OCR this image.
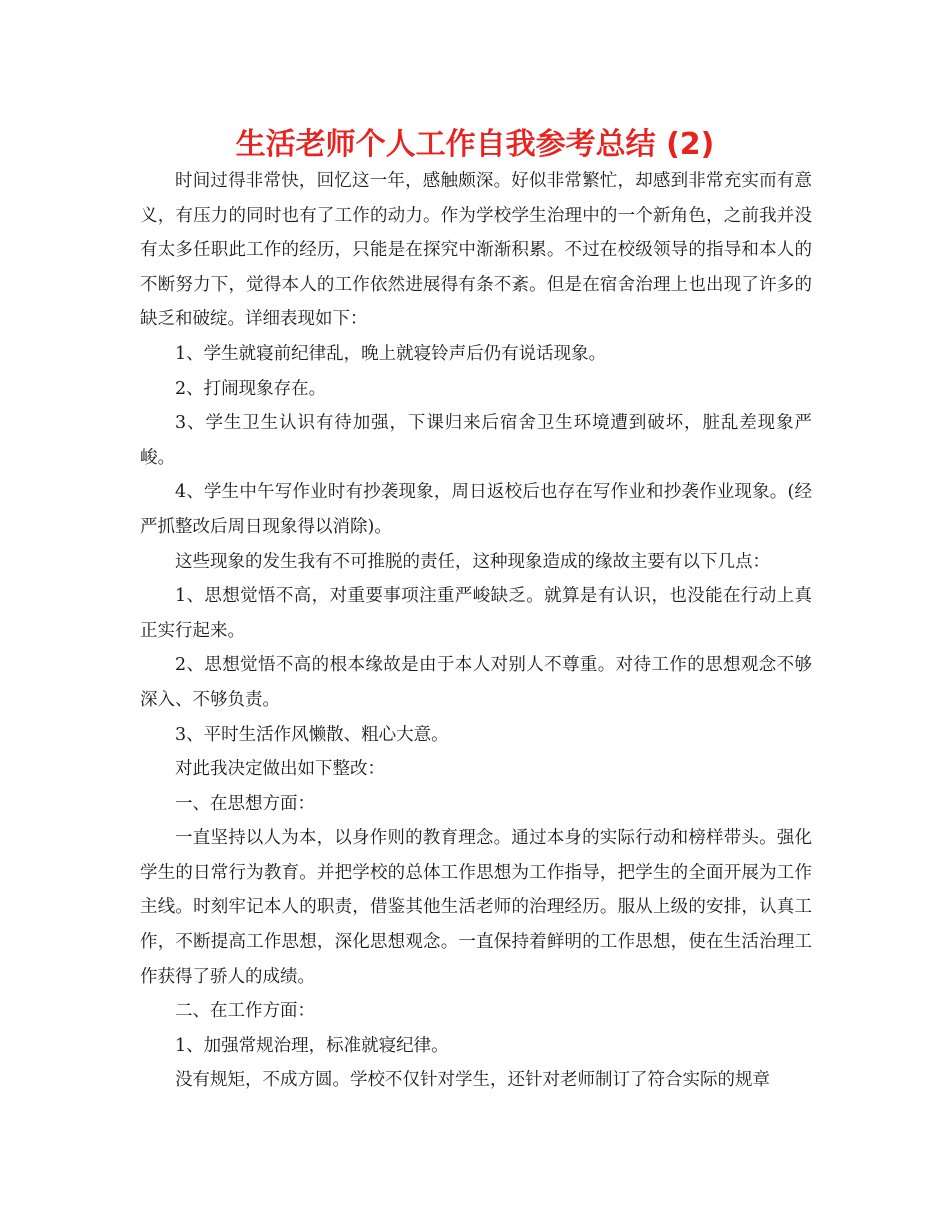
生活老师个人工作自我参考总结 (2)

时间过得非常快，回忆这一年，感触颇深。好似非常繁忙，却感到非常充实而有意义，有压力的同时也有了工作的动力。作为学校学生治理中的一个新角色，之前我并没有太多任职此工作的经历，只能是在探究中渐渐积累。不过在校级领导的指导和本人的不断努力下，觉得本人的工作依然进展得有条不紊。但是在宿舍治理上也出现了许多的缺乏和破绽。详细表现如下：

1、学生就寝前纪律乱，晚上就寝铃声后仍有说话现象。

2、打闹现象存在。

3、学生卫生认识有待加强，下课归来后宿舍卫生环境遭到破坏，脏乱差现象严峻。

4、学生中午写作业时有抄袭现象，周日返校后也存在写作业和抄袭作业现象。(经严抓整改后周日现象得以消除)。

这些现象的发生我有不可推脱的责任，这种现象造成的缘故主要有以下几点：

1、思想觉悟不高，对重要事项注重严峻缺乏。就算是有认识，也没能在行动上真正实行起来。

2、思想觉悟不高的根本缘故是由于本人对别人不尊重。对待工作的思想观念不够深入、不够负责。

3、平时生活作风懒散、粗心大意。

对此我决定做出如下整改：

一、在思想方面：

一直坚持以人为本，以身作则的教育理念。通过本身的实际行动和榜样带头。强化学生的日常行为教育。并把学校的总体工作思想为工作指导，把学生的全面开展为工作主线。时刻牢记本人的职责，借鉴其他生活老师的治理经历。服从上级的安排，认真工作，不断提高工作思想，深化思想观念。一直保持着鲜明的工作思想，使在生活治理工作获得了骄人的成绩。

二、在工作方面：

1、加强常规治理，标准就寝纪律。

没有规矩，不成方圆。学校不仅针对学生，还针对老师制订了符合实际的规章
